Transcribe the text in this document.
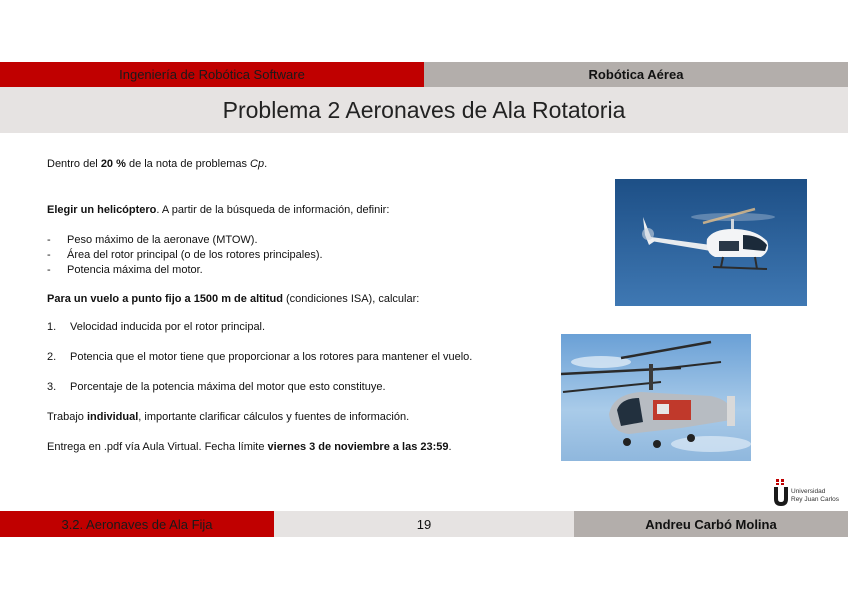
Ingeniería de Robótica Software	Robótica Aérea
Problema 2 Aeronaves de Ala Rotatoria

Dentro del 20 % de la nota de problemas Cp.

Elegir un helicóptero. A partir de la búsqueda de información, definir:

- Peso máximo de la aeronave (MTOW).
- Área del rotor principal (o de los rotores principales).
- Potencia máxima del motor.

Para un vuelo a punto fijo a 1500 m de altitud (condiciones ISA), calcular:

1. Velocidad inducida por el rotor principal.
2. Potencia que el motor tiene que proporcionar a los rotores para mantener el vuelo.
3. Porcentaje de la potencia máxima del motor que esto constituye.

Trabajo individual, importante clarificar cálculos y fuentes de información.

Entrega en .pdf vía Aula Virtual. Fecha límite viernes 3 de noviembre a las 23:59.

Universidad
Rey Juan Carlos
3.2. Aeronaves de Ala Fija	19	Andreu Carbó Molina
